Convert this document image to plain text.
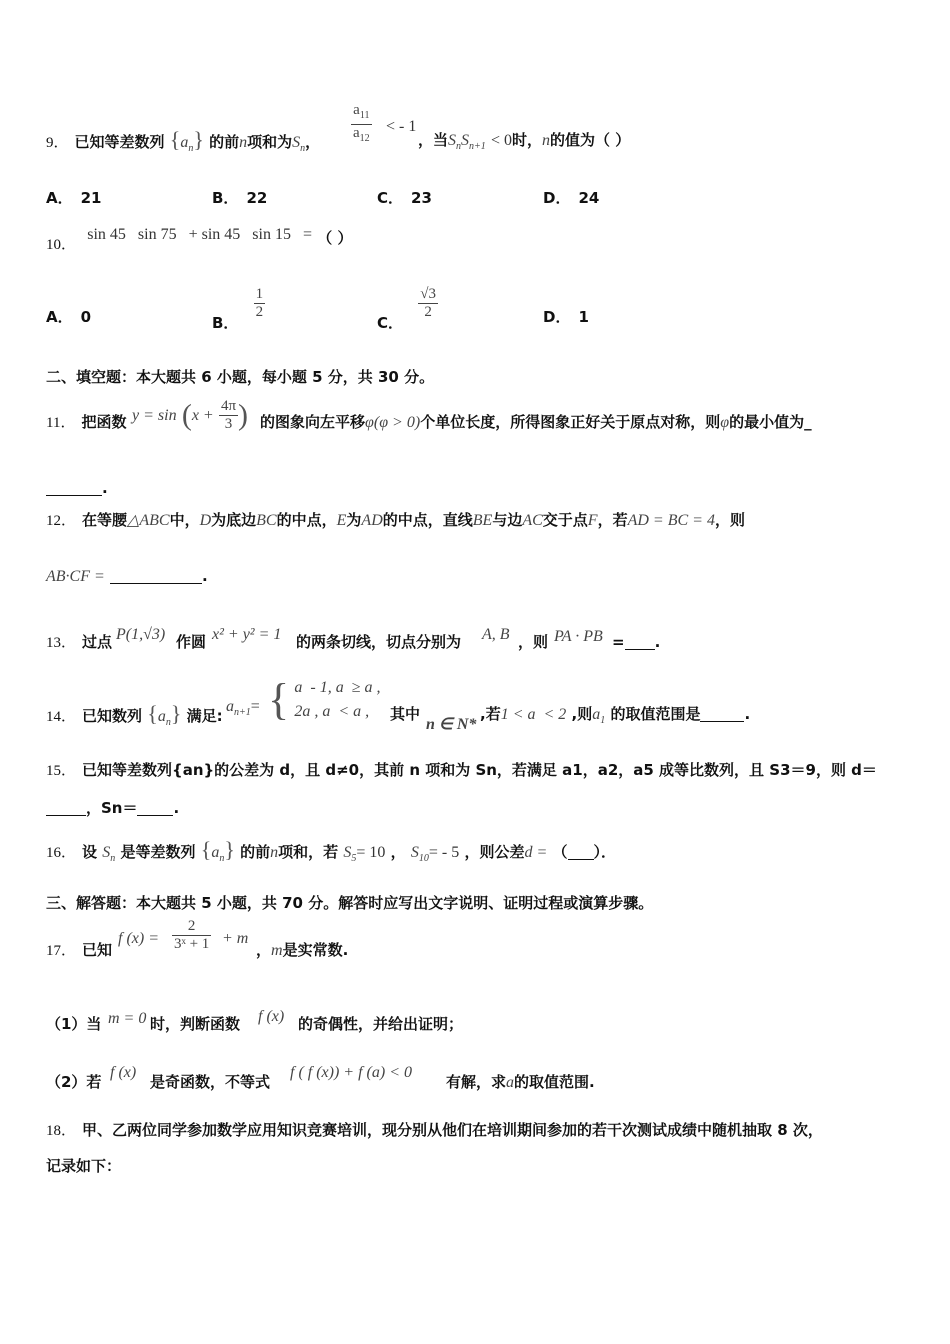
9． 已知等差数列 $\{a_n\}$ 的前n项和为$S_n$， $\frac{a_{11}}{a_{12}}$ < - 1
，当$S_nS_{n+1} < 0$时，n的值为（ ）
A． 21	B． 22	C． 23	D． 24
10． sin 45   sin 75   + sin 45   sin 15   = （ ）
A． 0	B．
$\frac{1}{2}$
C．
$\frac{√3}{2}$	D． 1
二、填空题：本大题共 6 小题，每小题 5 分，共 30 分。
11． 把函数 $y = \sin (x + \frac{4\pi}{3}$ ) 的图象向左平移φ(φ > 0)个单位长度，所得图象正好关于原点对称，则φ的最小值为_
.
12． 在等腰△ABC中，D为底边BC的中点，E为AD的中点，直线BE与边AC交于点F，若AD = BC = 4，则
AB·CF =	.
13． 过点 P(1,√3) 作圆 x² + y² = 1 的两条切线，切点分别为 A, B ，则 PA · PB = .
14． 已知数列 $\{a_n\}$ 满足:
$a_{n+1}=$ { a  - 1, a  ≥ a ,
2a , a  < a ,	其中
n ∈ N*
,若1 < a  < 2 ,则$a_1$ 的取值范围是	.
15． 已知等差数列{an}的公差为 d，且 d≠0，其前 n 项和为 Sn，若满足 a1，a2，a5 成等比数列，且 S3＝9，则 d＝
，Sn＝ .
16． 设 $S_n$ 是等差数列 $\{a_n\}$ 的前n项和，若 $S_5= 10$ ， $S_{10}= - 5$ ，则公差d = （ ）．
三、解答题：本大题共 5 小题，共 70 分。解答时应写出文字说明、证明过程或演算步骤。
17． 已知
f $(x) = \frac{2}{\text{3ˣ + 1}} + m$
，m是实常数.
（1）当 m = 0 时，判断函数 f (x) 的奇偶性，并给出证明；
（2）若
f (x)
是奇函数，不等式
f ( f (x)) + f (a) < 0
有解，求a的取值范围.
18． 甲、乙两位同学参加数学应用知识竞赛培训，现分别从他们在培训期间参加的若干次测试成绩中随机抽取 8 次，
记录如下：
